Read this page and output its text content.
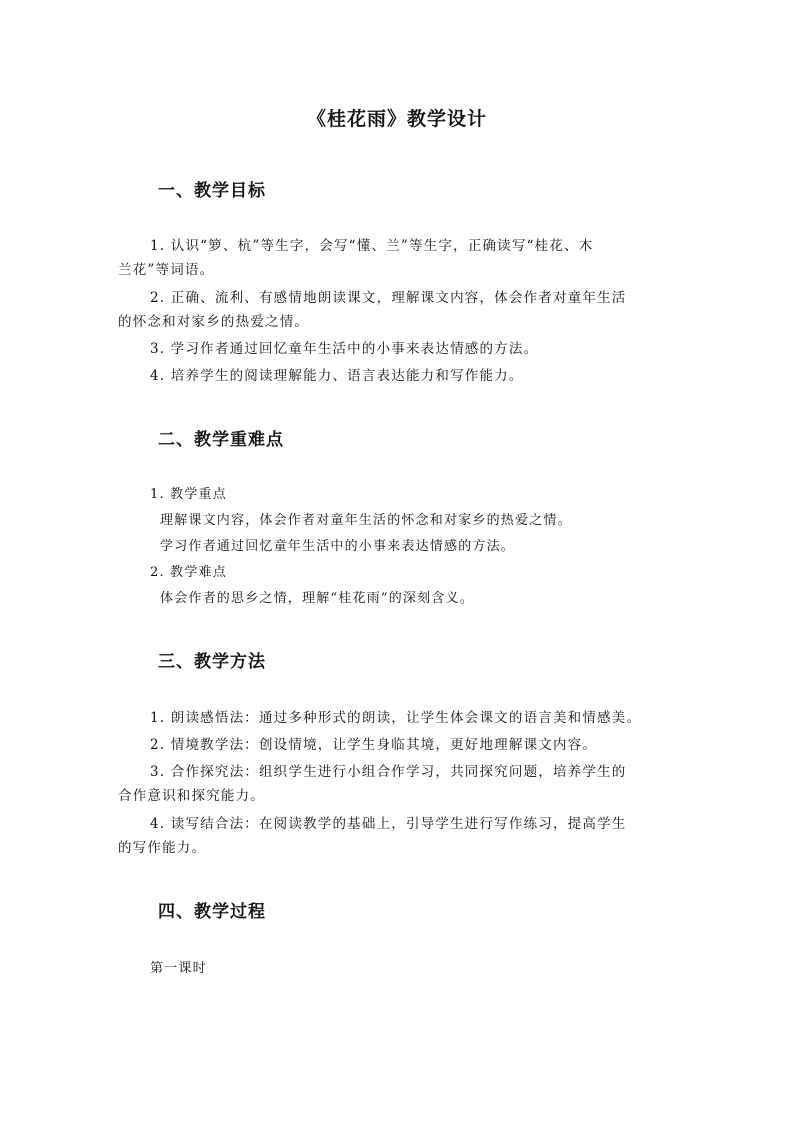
《桂花雨》教学设计
一、教学目标
1. 认识“箩、杭”等生字，会写“懂、兰”等生字，正确读写“桂花、木
兰花”等词语。
2. 正确、流利、有感情地朗读课文，理解课文内容，体会作者对童年生活
的怀念和对家乡的热爱之情。
3. 学习作者通过回忆童年生活中的小事来表达情感的方法。
4. 培养学生的阅读理解能力、语言表达能力和写作能力。
二、教学重难点
1. 教学重点
理解课文内容，体会作者对童年生活的怀念和对家乡的热爱之情。
学习作者通过回忆童年生活中的小事来表达情感的方法。
2. 教学难点
体会作者的思乡之情，理解“桂花雨”的深刻含义。
三、教学方法
1. 朗读感悟法：通过多种形式的朗读，让学生体会课文的语言美和情感美。
2. 情境教学法：创设情境，让学生身临其境，更好地理解课文内容。
3. 合作探究法：组织学生进行小组合作学习，共同探究问题，培养学生的
合作意识和探究能力。
4. 读写结合法：在阅读教学的基础上，引导学生进行写作练习，提高学生
的写作能力。
四、教学过程
第一课时
